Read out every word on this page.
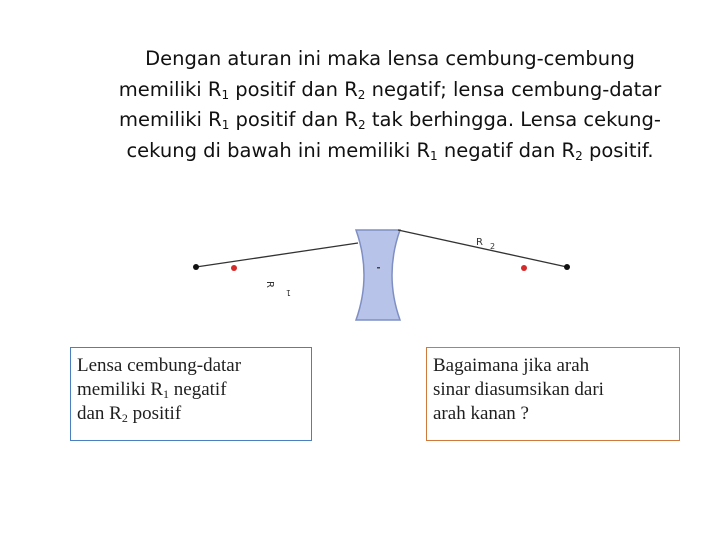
Dengan aturan ini maka lensa cembung-cembung
memiliki $R_1$ positif dan $R_2$ negatif; lensa cembung-datar
memiliki $R_1$ positif dan $R_2$ tak berhingga. Lensa cekung-
cekung di bawah ini memiliki $R_1$ negatif dan $R_2$ positif.
R 2
R
1
Lensa cembung-datar
memiliki $R_1$ negatif
dan $R_2$ positif
Bagaimana jika arah
sinar diasumsikan dari
arah kanan ?
